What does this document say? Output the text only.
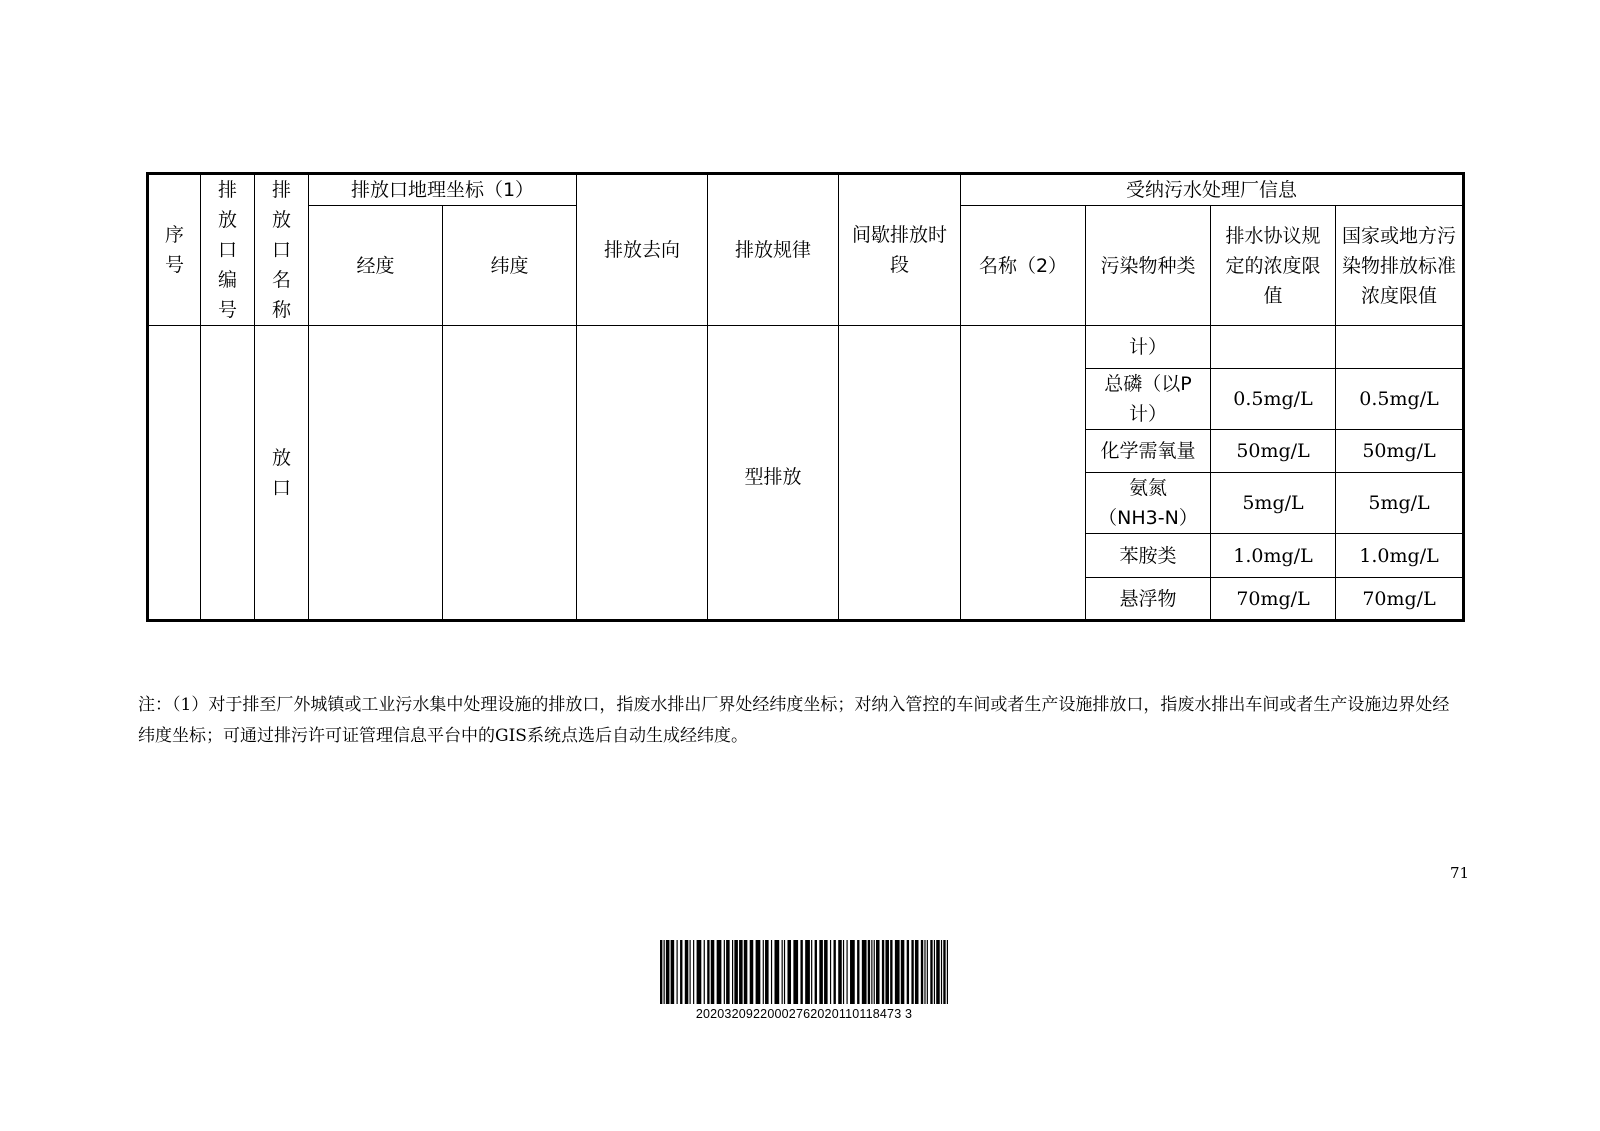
序号	排放口编号	排放口名称	排放口地理坐标（1）		排放去向	排放规律	间歇排放时段	受纳污水处理厂信息			
			经度	纬度				名称（2）	污染物种类	排水协议规定的浓度限值	国家或地方污染物排放标准浓度限值

		放口				型排放			计）		
									总磷（以P计）	0.5mg/L	0.5mg/L
									化学需氧量	50mg/L	50mg/L
									氨氮（NH3-N）	5mg/L	5mg/L
									苯胺类	1.0mg/L	1.0mg/L
									悬浮物	70mg/L	70mg/L
注：（1）对于排至厂外城镇或工业污水集中处理设施的排放口，指废水排出厂界处经纬度坐标；对纳入管控的车间或者生产设施排放口，指废水排出车间或者生产设施边界处经纬度坐标；可通过排污许可证管理信息平台中的GIS系统点选后自动生成经纬度。
71
20203209220002762020110118473 3
